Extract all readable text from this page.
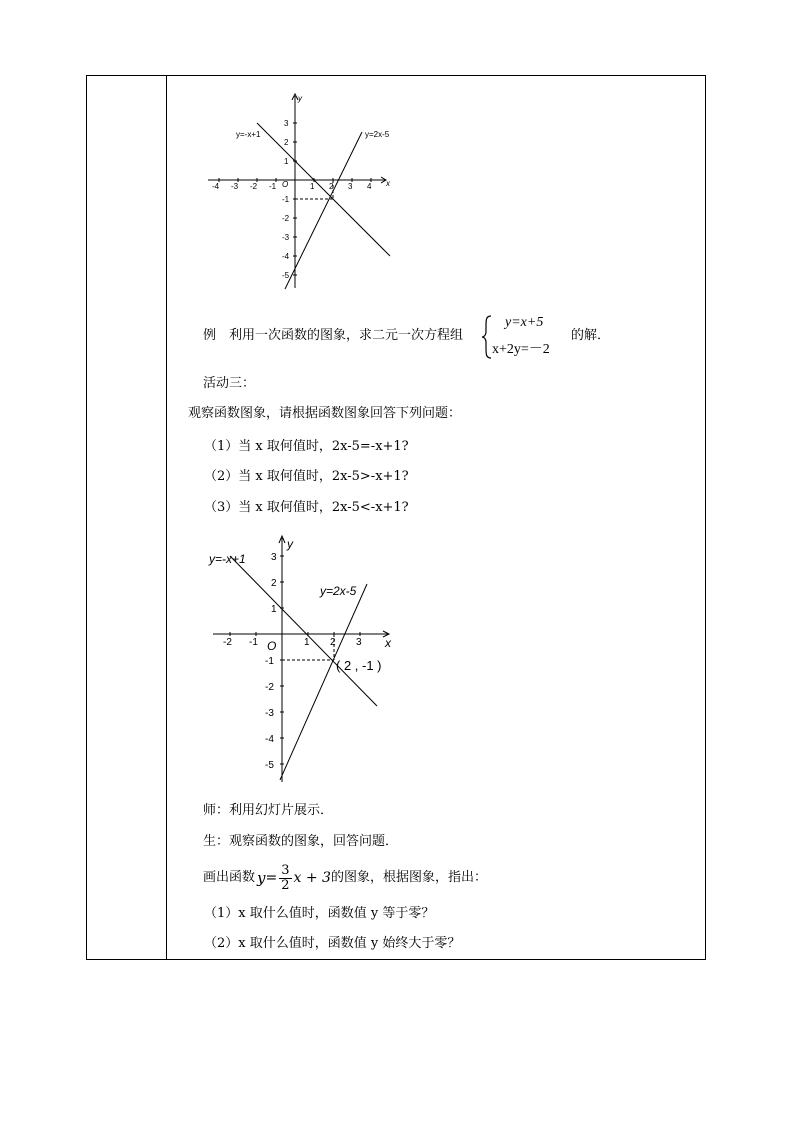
y=-x+1	y=2x-5
x
y
O
-4 -3 -2 -1	1 2 3 4
3
2
1
-1
-2
-3
-4
-5
例　利用一次函数的图象，求二元一次方程组
y=x+5
x+2y=－2
的解．
活动三：
观察函数图象，请根据函数图象回答下列问题：
（1）当 x 取何值时，2x-5=-x+1?
（2）当 x 取何值时，2x-5>-x+1?
（3）当 x 取何值时，2x-5<-x+1?
y=-x+1
y=2x-5
x
y
O
( 2 , -1 )
-2 -1	1 2 3
3
2
1
-1
-2
-3
-4
-5
师：利用幻灯片展示．
生：观察函数的图象，回答问题．
画出函数 $y = \frac{3}{2}$ x + 3 的图象，根据图象，指出：
（1）x 取什么值时，函数值 y 等于零？
（2）x 取什么值时，函数值 y 始终大于零？
